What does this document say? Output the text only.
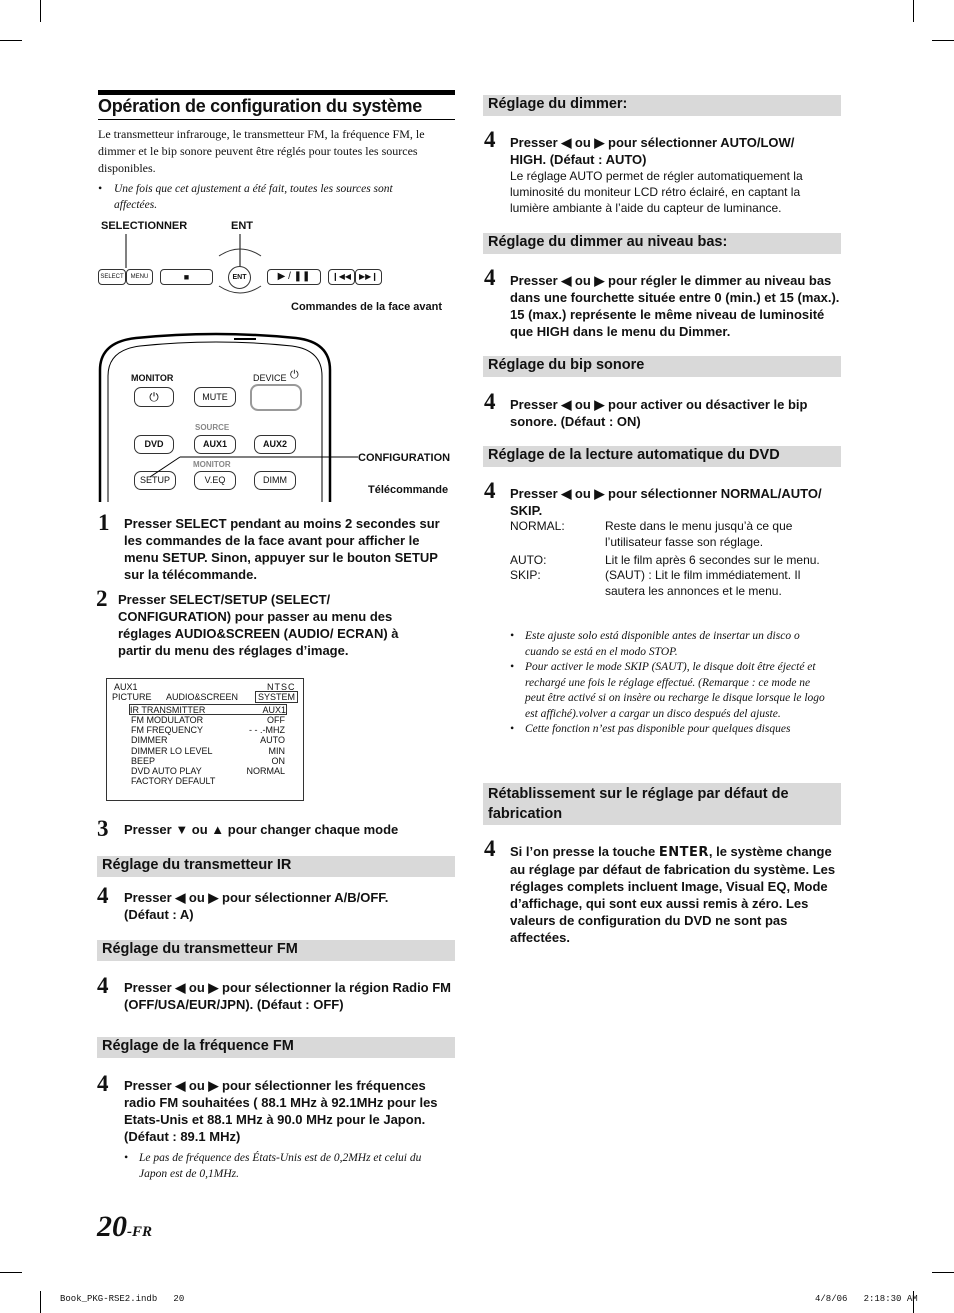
Opération de configuration du système
Le transmetteur infrarouge, le transmetteur FM, la fréquence FM, le dimmer et le bip sonore peuvent être réglés pour toutes les sources disponibles.
•	Une fois que cet ajustement a été fait, toutes les sources sont affectées.
SELECTIONNER	ENT
SELECT	MENU	■	ENT	▶ / ❚❚	❙◀◀ ▶▶❙
Commandes de la face avant
MONITOR	DEVICE ⏻
⏻	MUTE
SOURCE
DVD	AUX1	AUX2
MONITOR
SETUP	V.EQ	DIMM
CONFIGURATION
Télécommande
1 Presser SELECT pendant au moins 2 secondes sur les commandes de la face avant pour afficher le menu SETUP. Sinon, appuyer sur le bouton SETUP sur la télécommande.
2 Presser SELECT/SETUP (SELECT/ CONFIGURATION) pour passer au menu des réglages AUDIO&SCREEN (AUDIO/ ECRAN) à partir du menu des réglages d’image.
AUX1	NTSC
PICTURE AUDIO&SCREEN	SYSTEM
IR TRANSMITTER	AUX1
FM MODULATOR	OFF
FM FREQUENCY	- - .-MHZ
DIMMER	AUTO
DIMMER LO LEVEL	MIN
BEEP	ON
DVD AUTO PLAY	NORMAL
FACTORY DEFAULT
3 Presser ▼ ou ▲ pour changer chaque mode
Réglage du transmetteur IR
4 Presser ◀ ou ▶ pour sélectionner A/B/OFF. (Défaut : A)
Réglage du transmetteur FM
4 Presser ◀ ou ▶ pour sélectionner la région Radio FM (OFF/USA/EUR/JPN). (Défaut : OFF)
Réglage de la fréquence FM
4 Presser ◀ ou ▶ pour sélectionner les fréquences radio FM souhaitées ( 88.1 MHz à 92.1MHz pour les Etats-Unis et 88.1 MHz à 90.0 MHz pour le Japon. (Défaut : 89.1 MHz)
• Le pas de fréquence des États-Unis est de 0,2MHz et celui du Japon est de 0,1MHz.
20-FR
Réglage du dimmer:
4 Presser ◀ ou ▶ pour sélectionner AUTO/LOW/ HIGH. (Défaut : AUTO)
Le réglage AUTO permet de régler automatiquement la luminosité du moniteur LCD rétro éclairé, en captant la lumière ambiante à l’aide du capteur de luminance.
Réglage du dimmer au niveau bas:
4 Presser ◀ ou ▶ pour régler le dimmer au niveau bas dans une fourchette située entre 0 (min.) et 15 (max.). 15 (max.) représente le même niveau de luminosité que HIGH dans le menu du Dimmer.
Réglage du bip sonore
4 Presser ◀ ou ▶ pour activer ou désactiver le bip sonore. (Défaut : ON)
Réglage de la lecture automatique du DVD
4 Presser ◀ ou ▶ pour sélectionner NORMAL/AUTO/ SKIP.
NORMAL:	Reste dans le menu jusqu’à ce que l’utilisateur fasse son réglage.
AUTO:	Lit le film après 6 secondes sur le menu.
SKIP:	(SAUT) : Lit le film immédiatement. Il sautera les annonces et le menu.
• Este ajuste solo está disponible antes de insertar un disco o cuando se está en el modo STOP.
• Pour activer le mode SKIP (SAUT), le disque doit être éjecté et rechargé une fois le réglage effectué. (Remarque : ce mode ne peut être activé si on insère ou recharge le disque lorsque le logo est affiché).volver a cargar un disco después del ajuste.
• Cette fonction n’est pas disponible pour quelques disques
Rétablissement sur le réglage par défaut de fabrication
4 Si l’on presse la touche ENTER, le système change au réglage par défaut de fabrication du système. Les réglages complets incluent Image, Visual EQ, Mode d’affichage, qui sont eux aussi remis à zéro. Les valeurs de configuration du DVD ne sont pas affectées.
Book_PKG-RSE2.indb   20	4/8/06   2:18:30 AM
